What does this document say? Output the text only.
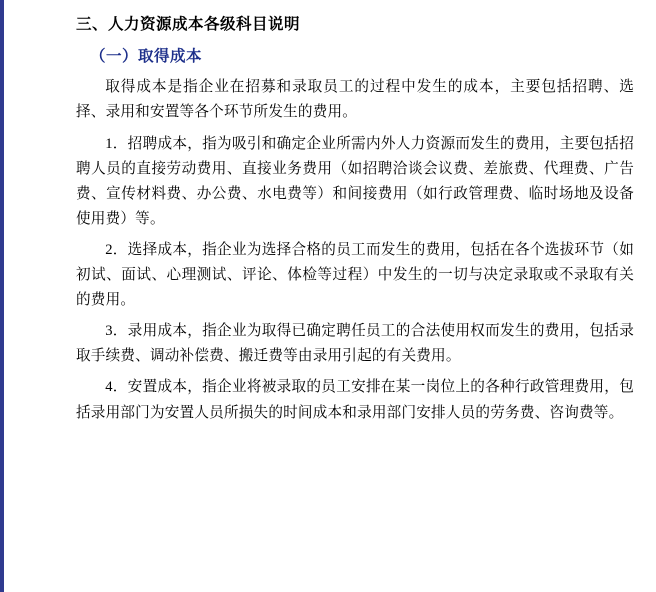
三、人力资源成本各级科目说明
（一）取得成本

取得成本是指企业在招募和录取员工的过程中发生的成本，主要包括招聘、选择、录用和安置等各个环节所发生的费用。

1．招聘成本，指为吸引和确定企业所需内外人力资源而发生的费用，主要包括招聘人员的直接劳动费用、直接业务费用（如招聘洽谈会议费、差旅费、代理费、广告费、宣传材料费、办公费、水电费等）和间接费用（如行政管理费、临时场地及设备使用费）等。

2．选择成本，指企业为选择合格的员工而发生的费用，包括在各个选拔环节（如初试、面试、心理测试、评论、体检等过程）中发生的一切与决定录取或不录取有关的费用。

3．录用成本，指企业为取得已确定聘任员工的合法使用权而发生的费用，包括录取手续费、调动补偿费、搬迁费等由录用引起的有关费用。

4．安置成本，指企业将被录取的员工安排在某一岗位上的各种行政管理费用，包括录用部门为安置人员所损失的时间成本和录用部门安排人员的劳务费、咨询费等。
